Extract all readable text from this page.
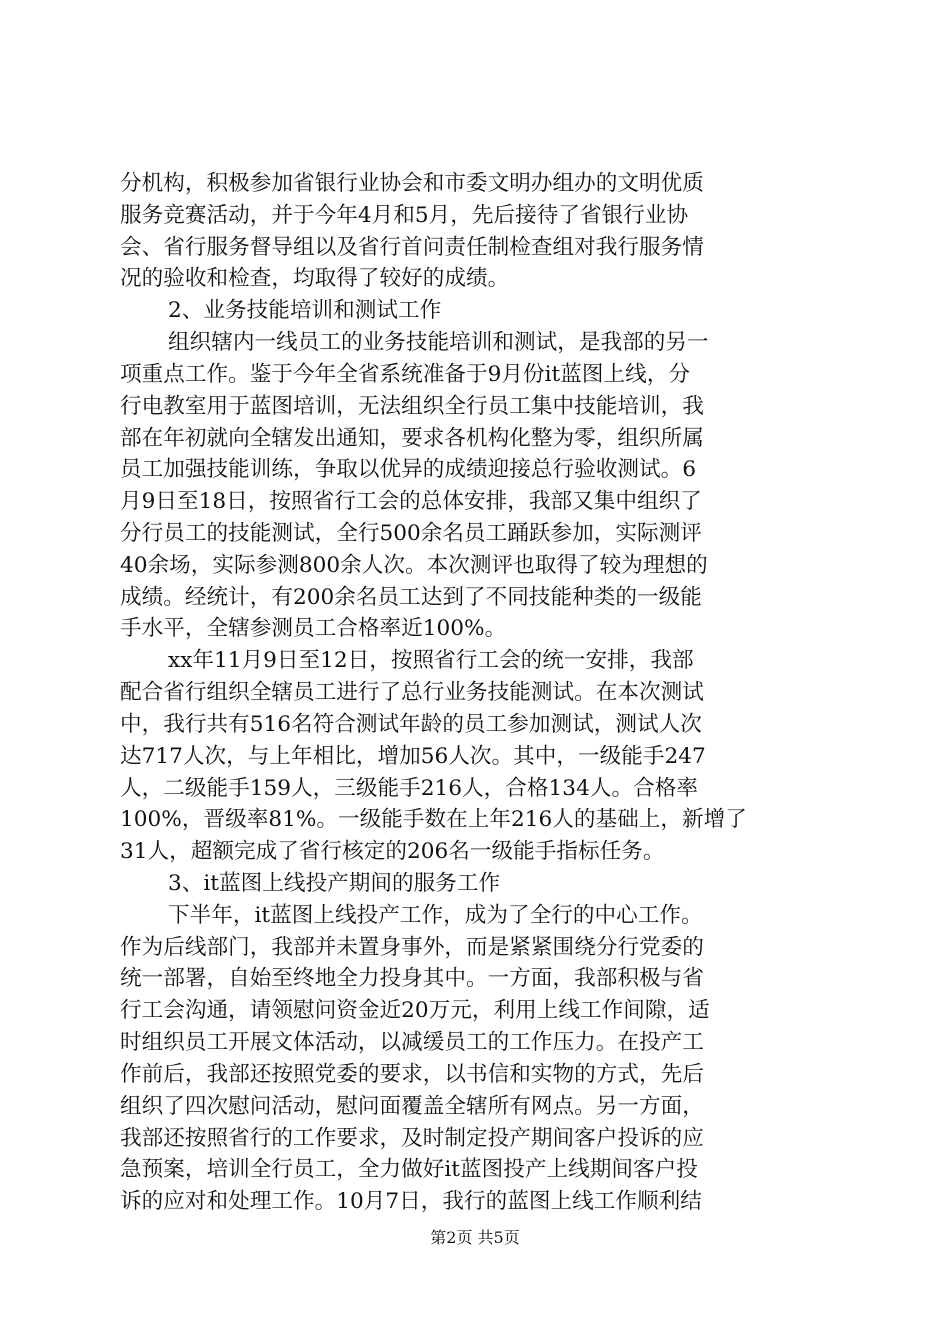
分机构，积极参加省银行业协会和市委文明办组办的文明优质
服务竞赛活动，并于今年4月和5月，先后接待了省银行业协
会、省行服务督导组以及省行首问责任制检查组对我行服务情
况的验收和检查，均取得了较好的成绩。
2、业务技能培训和测试工作
组织辖内一线员工的业务技能培训和测试，是我部的另一
项重点工作。鉴于今年全省系统准备于9月份it蓝图上线，分
行电教室用于蓝图培训，无法组织全行员工集中技能培训，我
部在年初就向全辖发出通知，要求各机构化整为零，组织所属
员工加强技能训练，争取以优异的成绩迎接总行验收测试。6
月9日至18日，按照省行工会的总体安排，我部又集中组织了
分行员工的技能测试，全行500余名员工踊跃参加，实际测评
40余场，实际参测800余人次。本次测评也取得了较为理想的
成绩。经统计，有200余名员工达到了不同技能种类的一级能
手水平，全辖参测员工合格率近100%。
xx年11月9日至12日，按照省行工会的统一安排，我部
配合省行组织全辖员工进行了总行业务技能测试。在本次测试
中，我行共有516名符合测试年龄的员工参加测试，测试人次
达717人次，与上年相比，增加56人次。其中，一级能手247
人，二级能手159人，三级能手216人，合格134人。合格率
100%，晋级率81%。一级能手数在上年216人的基础上，新增了
31人，超额完成了省行核定的206名一级能手指标任务。
3、it蓝图上线投产期间的服务工作
下半年，it蓝图上线投产工作，成为了全行的中心工作。
作为后线部门，我部并未置身事外，而是紧紧围绕分行党委的
统一部署，自始至终地全力投身其中。一方面，我部积极与省
行工会沟通，请领慰问资金近20万元，利用上线工作间隙，适
时组织员工开展文体活动，以减缓员工的工作压力。在投产工
作前后，我部还按照党委的要求，以书信和实物的方式，先后
组织了四次慰问活动，慰问面覆盖全辖所有网点。另一方面，
我部还按照省行的工作要求，及时制定投产期间客户投诉的应
急预案，培训全行员工，全力做好it蓝图投产上线期间客户投
诉的应对和处理工作。10月7日，我行的蓝图上线工作顺利结
第2页 共5页
